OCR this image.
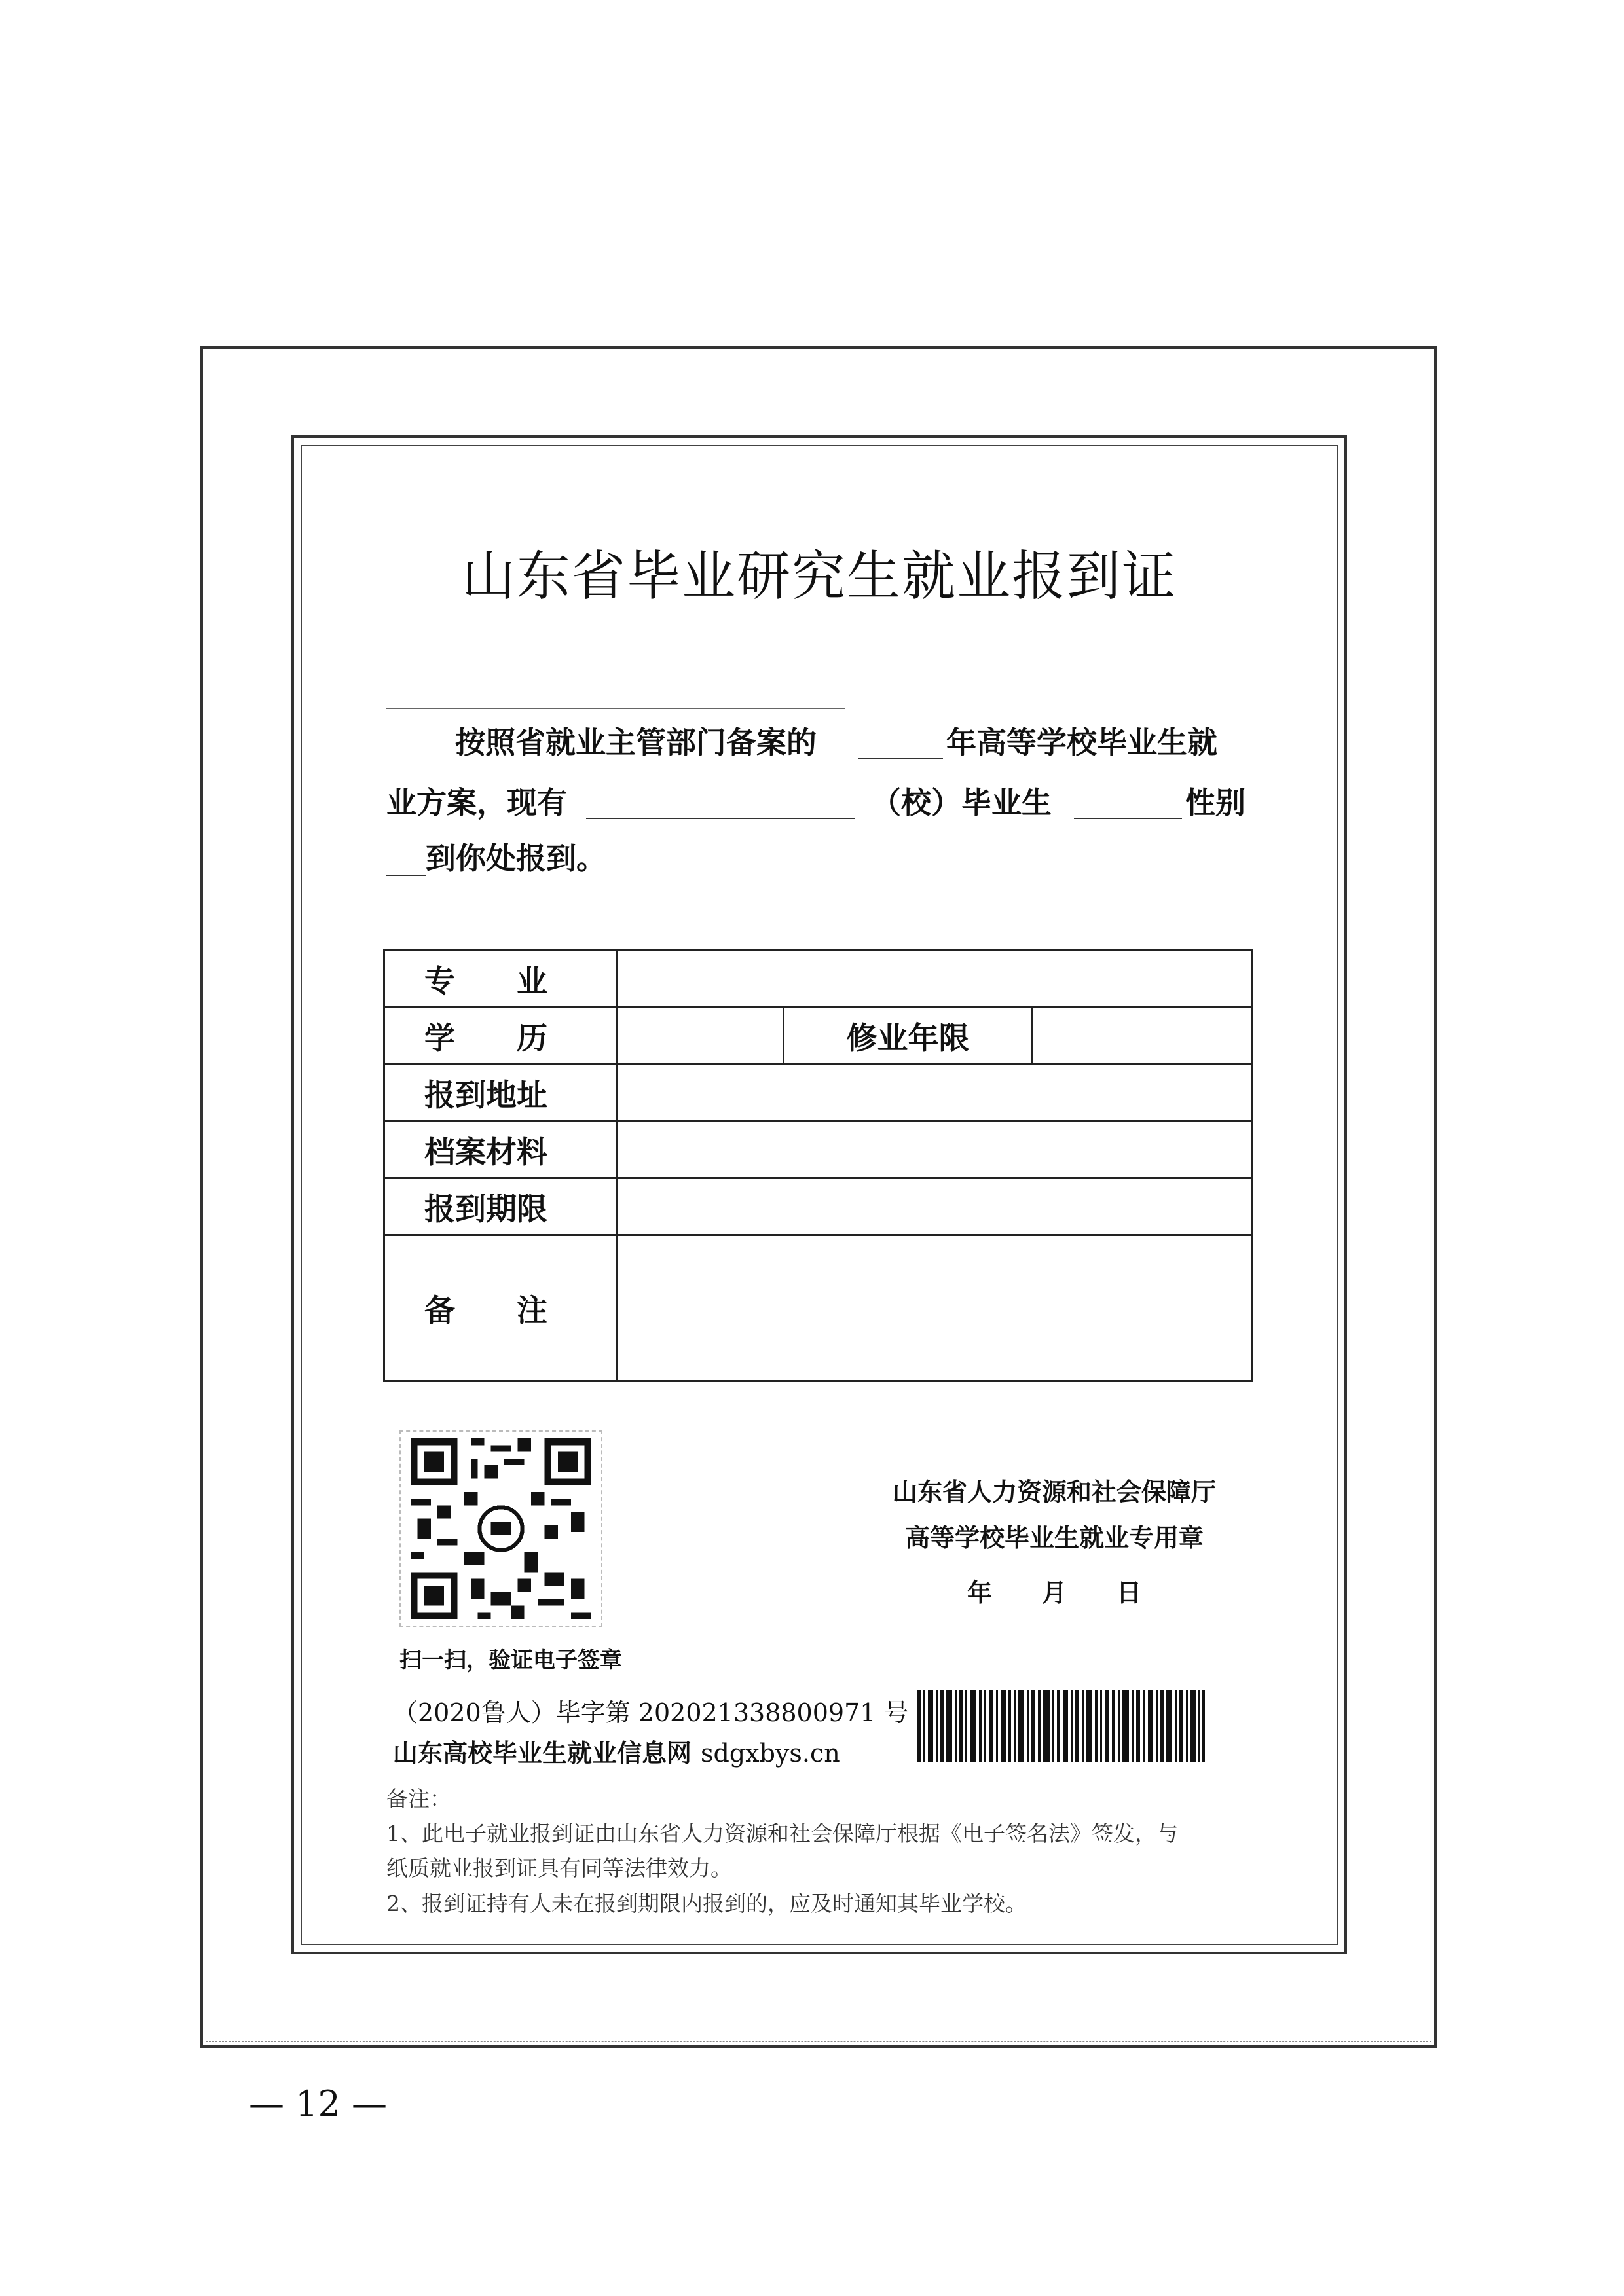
山东省毕业研究生就业报到证
按照省就业主管部门备案的	年高等学校毕业生就
业方案，现有	（校）毕业生	性别
到你处报到。
专　　业			
学　　历		修业年限	
报到地址			
档案材料			
报到期限			
备　　注			
扫一扫，验证电子签章
山东省人力资源和社会保障厅
高等学校毕业生就业专用章
年　　月　　日
（2020鲁人）毕字第 202021338800971 号
山东高校毕业生就业信息网 sdgxbys.cn
备注：
1、此电子就业报到证由山东省人力资源和社会保障厅根据《电子签名法》签发，与
纸质就业报到证具有同等法律效力。
2、报到证持有人未在报到期限内报到的，应及时通知其毕业学校。
— 12 —
